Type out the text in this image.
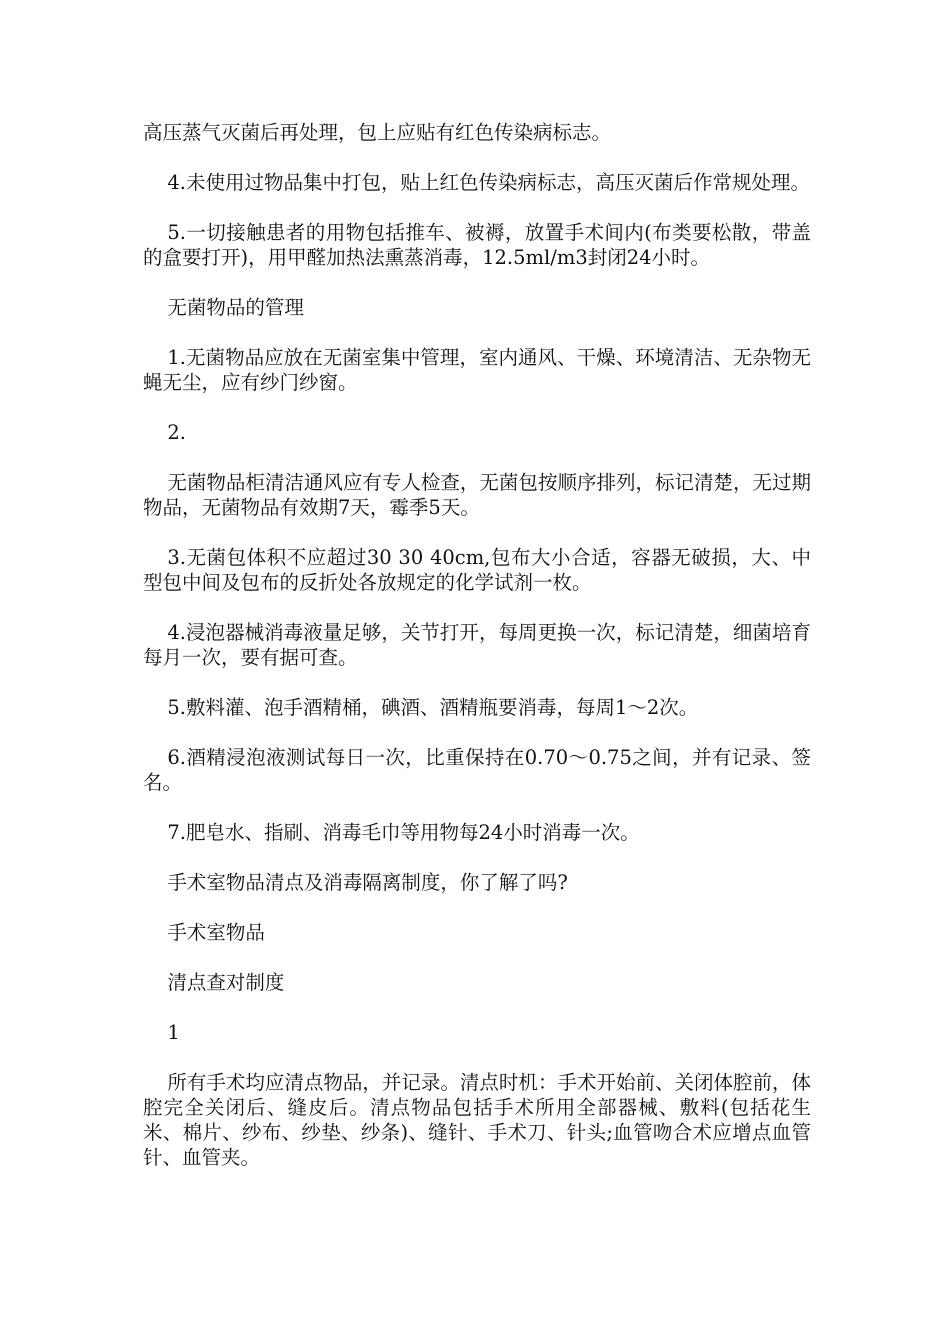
高压蒸气灭菌后再处理，包上应贴有红色传染病标志。

4.未使用过物品集中打包，贴上红色传染病标志，高压灭菌后作常规处理。

5.一切接触患者的用物包括推车、被褥，放置手术间内(布类要松散，带盖的盒要打开)，用甲醛加热法熏蒸消毒，12.5ml/m3封闭24小时。

无菌物品的管理

1.无菌物品应放在无菌室集中管理，室内通风、干燥、环境清洁、无杂物无蝇无尘，应有纱门纱窗。

2.

无菌物品柜清洁通风应有专人检查，无菌包按顺序排列，标记清楚，无过期物品，无菌物品有效期7天，霉季5天。

3.无菌包体积不应超过30 30 40cm,包布大小合适，容器无破损，大、中型包中间及包布的反折处各放规定的化学试剂一枚。

4.浸泡器械消毒液量足够，关节打开，每周更换一次，标记清楚，细菌培育每月一次，要有据可查。

5.敷料灌、泡手酒精桶，碘酒、酒精瓶要消毒，每周1～2次。

6.酒精浸泡液测试每日一次，比重保持在0.70～0.75之间，并有记录、签名。

7.肥皂水、指刷、消毒毛巾等用物每24小时消毒一次。

手术室物品清点及消毒隔离制度，你了解了吗?

手术室物品

清点查对制度

1

所有手术均应清点物品，并记录。清点时机：手术开始前、关闭体腔前，体腔完全关闭后、缝皮后。清点物品包括手术所用全部器械、敷料(包括花生米、棉片、纱布、纱垫、纱条)、缝针、手术刀、针头;血管吻合术应增点血管针、血管夹。
